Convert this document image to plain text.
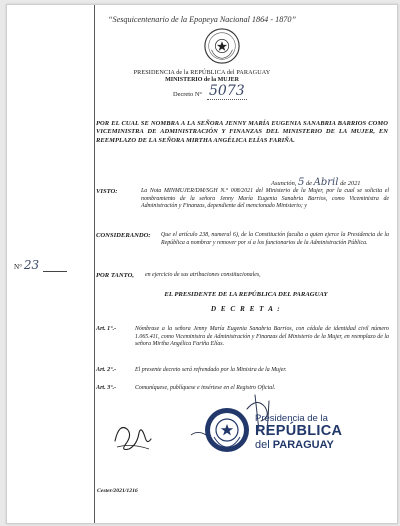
“Sesquicentenario de la Epopeya Nacional 1864 - 1870”
PRESIDENCIA de la REPÚBLICA del PARAGUAY
MINISTERIO de la MUJER
Decreto N° 5073
POR EL CUAL SE NOMBRA A LA SEÑORA JENNY MARÍA EUGENIA SANABRIA BARRIOS COMO VICEMINISTRA DE ADMINISTRACIÓN Y FINANZAS DEL MINISTERIO DE LA MUJER, EN REEMPLAZO DE LA SEÑORA MIRTHA ANGÉLICA ELÍAS FARIÑA.
Asunción, 5 de Abril de 2021
VISTO:	La Nota MINMUJER/DM/SGH N.° 008/2021 del Ministerio de la Mujer, por la cual se solicita el nombramiento de la señora Jenny María Eugenia Sanabria Barrios, como Viceministra de Administración y Finanzas, dependiente del mencionado Ministerio; y
CONSIDERANDO: Que el artículo 238, numeral 6), de la Constitución faculta a quien ejerce la Presidencia de la República a nombrar y remover por sí a los funcionarios de la Administración Pública.
POR TANTO, en ejercicio de sus atribuciones constitucionales,
EL PRESIDENTE DE LA REPÚBLICA DEL PARAGUAY
D E C R E T A :
Art. 1°.-	Nómbrase a la señora Jenny María Eugenia Sanabria Barrios, con cédula de identidad civil número 1.065.411, como Viceministra de Administración y Finanzas del Ministerio de la Mujer, en reemplazo de la señora Mirtha Angélica Fariña Elías.
Art. 2°.-	El presente decreto será refrendado por la Ministra de la Mujer.
Art. 3°.-	Comuníquese, publíquese e insértese en el Registro Oficial.
Presidencia de la
REPÚBLICA
del PARAGUAY
Cester/2021/1216
N° 23
